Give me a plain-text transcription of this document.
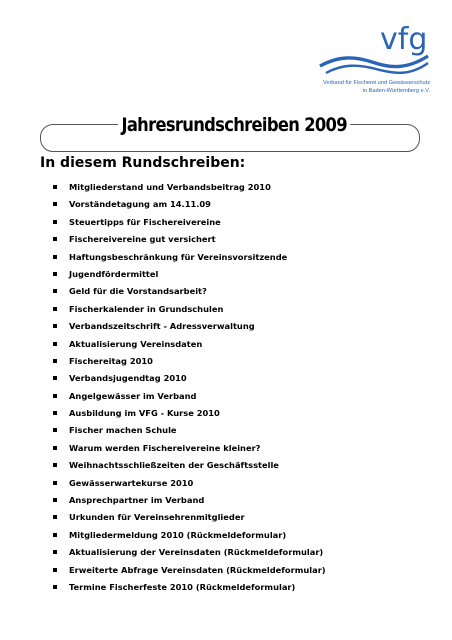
vfg
Verband für Fischerei und Gewässerschutz
in Baden-Württemberg e.V.
Jahresrundschreiben 2009
In diesem Rundschreiben:
Mitgliederstand und Verbandsbeitrag 2010
Vorständetagung am 14.11.09
Steuertipps für Fischereivereine
Fischereivereine gut versichert
Haftungsbeschränkung für Vereinsvorsitzende
Jugendfördermittel
Geld für die Vorstandsarbeit?
Fischerkalender in Grundschulen
Verbandszeitschrift - Adressverwaltung
Aktualisierung Vereinsdaten
Fischereitag 2010
Verbandsjugendtag 2010
Angelgewässer im Verband
Ausbildung im VFG - Kurse 2010
Fischer machen Schule
Warum werden Fischereivereine kleiner?
Weihnachtsschließzeiten der Geschäftsstelle
Gewässerwartekurse 2010
Ansprechpartner im Verband
Urkunden für Vereinsehrenmitglieder
Mitgliedermeldung 2010 (Rückmeldeformular)
Aktualisierung der Vereinsdaten (Rückmeldeformular)
Erweiterte Abfrage Vereinsdaten (Rückmeldeformular)
Termine Fischerfeste 2010 (Rückmeldeformular)
